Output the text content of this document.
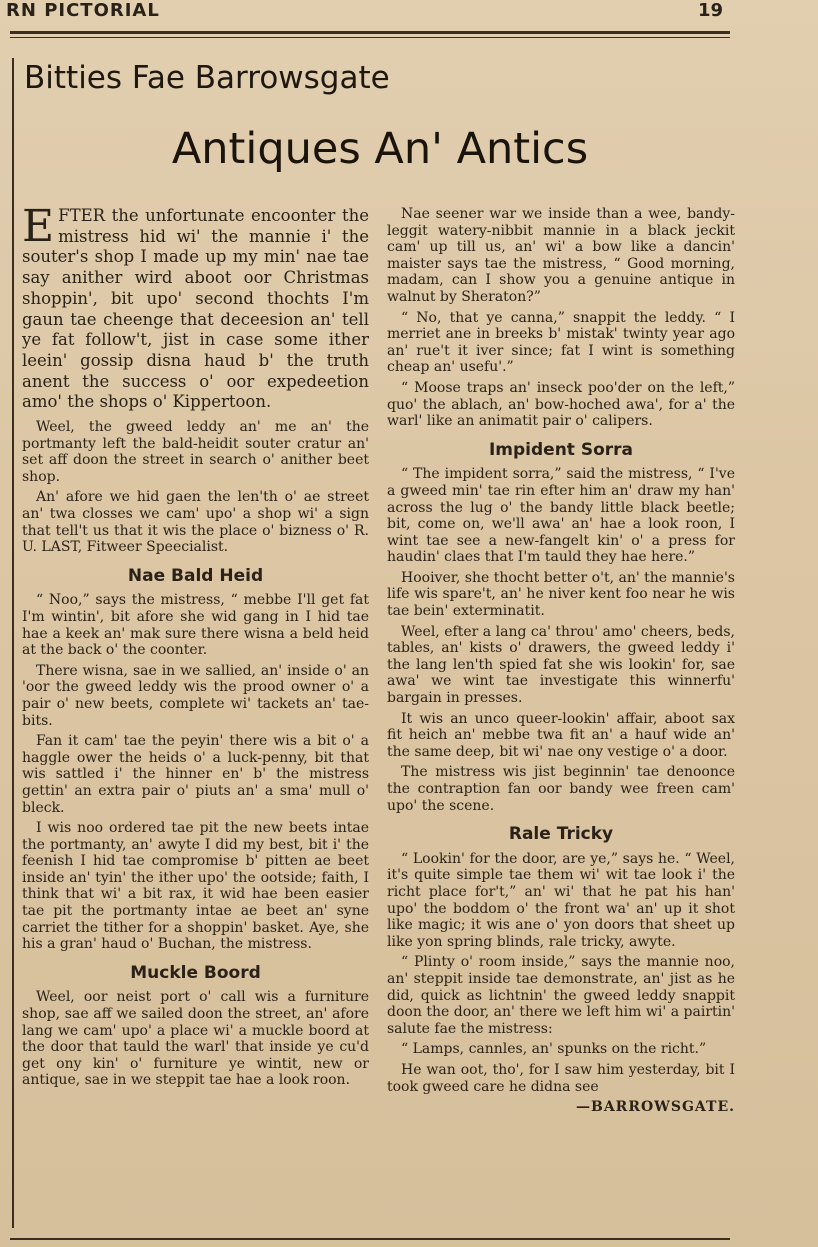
RN PICTORIAL	19
Bitties Fae Barrowsgate
Antiques An' Antics

EFTER the unfortunate encoonter the mistress hid wi' the mannie i' the souter's shop I made up my min' nae tae say anither wird aboot oor Christmas shoppin', bit upo' second thochts I'm gaun tae cheenge that deceesion an' tell ye fat follow't, jist in case some ither leein' gossip disna haud b' the truth anent the success o' oor expedeetion amo' the shops o' Kippertoon.

Weel, the gweed leddy an' me an' the portmanty left the bald-heidit souter cratur an' set aff doon the street in search o' anither beet shop.

An' afore we hid gaen the len'th o' ae street an' twa closses we cam' upo' a shop wi' a sign that tell't us that it wis the place o' bizness o' R. U. LAST, Fitweer Speecialist.

Nae Bald Heid

“ Noo,” says the mistress, “ mebbe I'll get fat I'm wintin', bit afore she wid gang in I hid tae hae a keek an' mak sure there wisna a beld heid at the back o' the coonter.

There wisna, sae in we sallied, an' inside o' an 'oor the gweed leddy wis the prood owner o' a pair o' new beets, complete wi' tackets an' tae-bits.

Fan it cam' tae the peyin' there wis a bit o' a haggle ower the heids o' a luck-penny, bit that wis sattled i' the hinner en' b' the mistress gettin' an extra pair o' piuts an' a sma' mull o' bleck.

I wis noo ordered tae pit the new beets intae the portmanty, an' awyte I did my best, bit i' the feenish I hid tae compromise b' pitten ae beet inside an' tyin' the ither upo' the ootside; faith, I think that wi' a bit rax, it wid hae been easier tae pit the portmanty intae ae beet an' syne carriet the tither for a shoppin' basket. Aye, she his a gran' haud o' Buchan, the mistress.

Muckle Boord

Weel, oor neist port o' call wis a furniture shop, sae aff we sailed doon the street, an' afore lang we cam' upo' a place wi' a muckle boord at the door that tauld the warl' that inside ye cu'd get ony kin' o' furniture ye wintit, new or antique, sae in we steppit tae hae a look roon.

Nae seener war we inside than a wee, bandy-leggit watery-nibbit mannie in a black jeckit cam' up till us, an' wi' a bow like a dancin' maister says tae the mistress, “ Good morning, madam, can I show you a genuine antique in walnut by Sheraton?”

“ No, that ye canna,” snappit the leddy. “ I merriet ane in breeks b' mistak' twinty year ago an' rue't it iver since; fat I wint is something cheap an' usefu'.”

“ Moose traps an' inseck poo'der on the left,” quo' the ablach, an' bow-hoched awa', for a' the warl' like an animatit pair o' calipers.

Impident Sorra

“ The impident sorra,” said the mistress, “ I've a gweed min' tae rin efter him an' draw my han' across the lug o' the bandy little black beetle; bit, come on, we'll awa' an' hae a look roon, I wint tae see a new-fangelt kin' o' a press for haudin' claes that I'm tauld they hae here.”

Hooiver, she thocht better o't, an' the mannie's life wis spare't, an' he niver kent foo near he wis tae bein' exterminatit.

Weel, efter a lang ca' throu' amo' cheers, beds, tables, an' kists o' drawers, the gweed leddy i' the lang len'th spied fat she wis lookin' for, sae awa' we wint tae investigate this winnerfu' bargain in presses.

It wis an unco queer-lookin' affair, aboot sax fit heich an' mebbe twa fit an' a hauf wide an' the same deep, bit wi' nae ony vestige o' a door.

The mistress wis jist beginnin' tae denoonce the contraption fan oor bandy wee freen cam' upo' the scene.

Rale Tricky

“ Lookin' for the door, are ye,” says he. “ Weel, it's quite simple tae them wi' wit tae look i' the richt place for't,” an' wi' that he pat his han' upo' the boddom o' the front wa' an' up it shot like magic; it wis ane o' yon doors that sheet up like yon spring blinds, rale tricky, awyte.

“ Plinty o' room inside,” says the mannie noo, an' steppit inside tae demonstrate, an' jist as he did, quick as lichtnin' the gweed leddy snappit doon the door, an' there we left him wi' a pairtin' salute fae the mistress:

“ Lamps, cannles, an' spunks on the richt.”

He wan oot, tho', for I saw him yesterday, bit I took gweed care he didna see

—BARROWSGATE.
